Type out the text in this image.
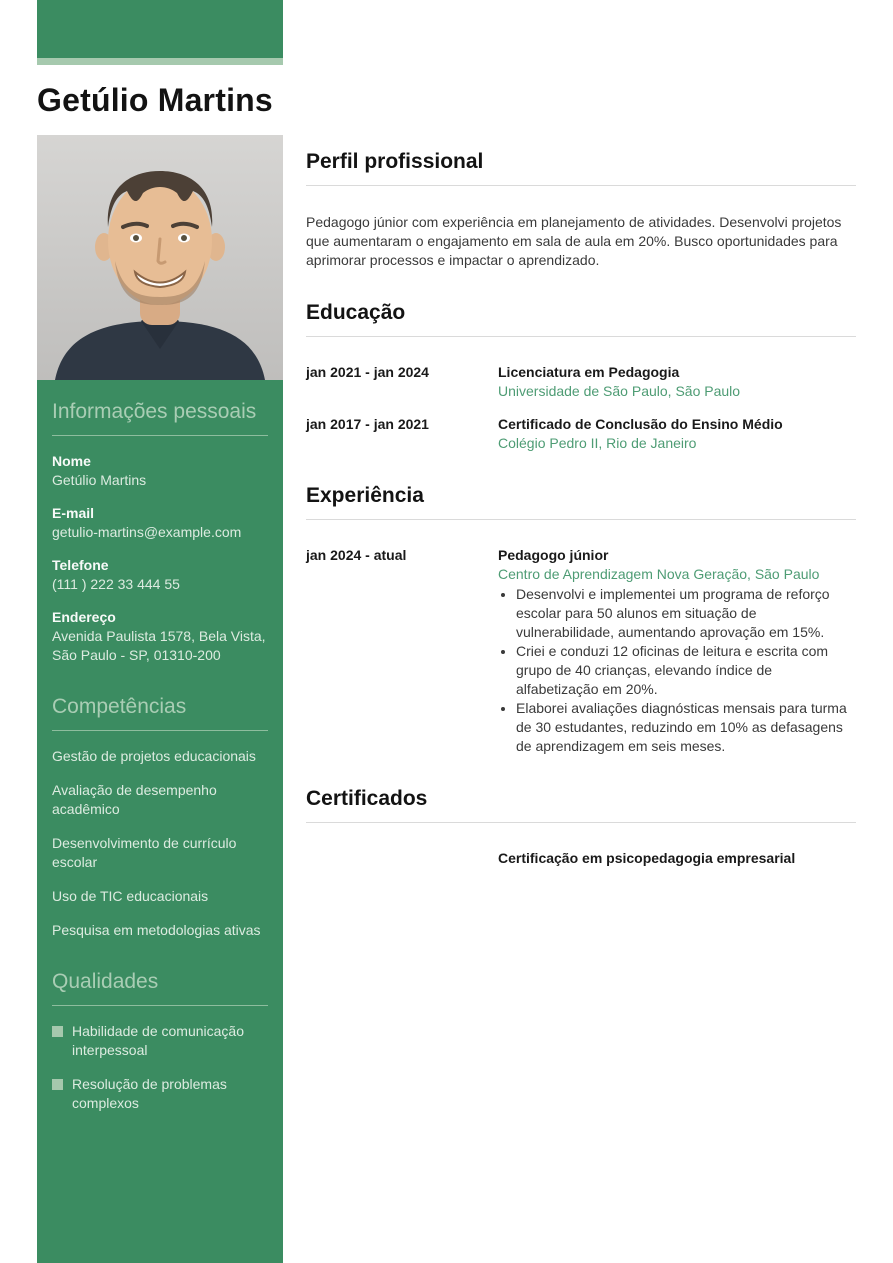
Getúlio Martins
Informações pessoais
Nome
Getúlio Martins
E-mail
getulio-martins@example.com
Telefone
(111 ) 222 33 444 55
Endereço
Avenida Paulista 1578, Bela Vista, São Paulo - SP, 01310-200
Competências
Gestão de projetos educacionais
Avaliação de desempenho acadêmico
Desenvolvimento de currículo escolar
Uso de TIC educacionais
Pesquisa em metodologias ativas
Qualidades
Habilidade de comunicação interpessoal
Resolução de problemas complexos
Perfil profissional

Pedagogo júnior com experiência em planejamento de atividades. Desenvolvi projetos que aumentaram o engajamento em sala de aula em 20%. Busco oportunidades para aprimorar processos e impactar o aprendizado.

Educação
jan 2021 - jan 2024	Licenciatura em Pedagogia
Universidade de São Paulo, São Paulo
jan 2017 - jan 2021	Certificado de Conclusão do Ensino Médio
Colégio Pedro II, Rio de Janeiro
Experiência
jan 2024 - atual	Pedagogo júnior
Centro de Aprendizagem Nova Geração, São Paulo
• Desenvolvi e implementei um programa de reforço escolar para 50 alunos em situação de vulnerabilidade, aumentando aprovação em 15%.
• Criei e conduzi 12 oficinas de leitura e escrita com grupo de 40 crianças, elevando índice de alfabetização em 20%.
• Elaborei avaliações diagnósticas mensais para turma de 30 estudantes, reduzindo em 10% as defasagens de aprendizagem em seis meses.
Certificados
Certificação em psicopedagogia empresarial
